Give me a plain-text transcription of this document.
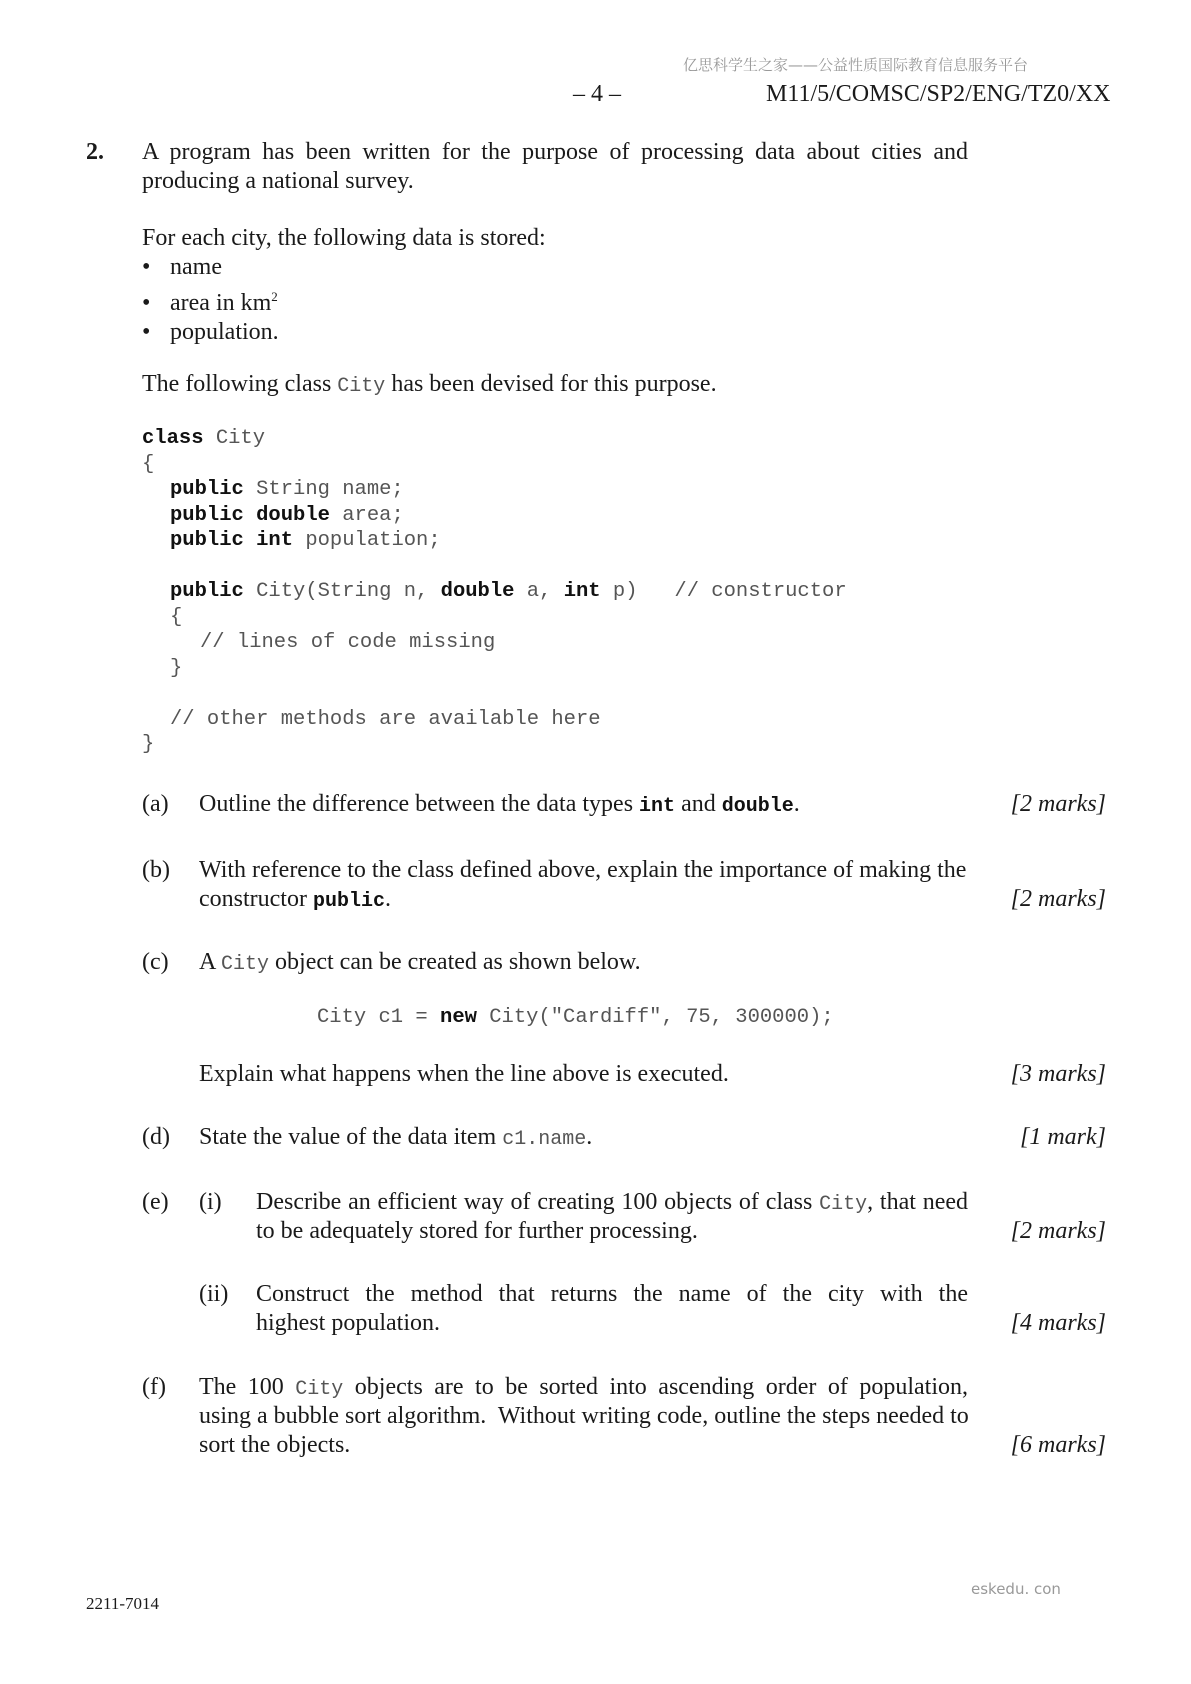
亿思科学生之家——公益性质国际教育信息服务平台
– 4 –	M11/5/COMSC/SP2/ENG/TZ0/XX
2. A program has been written for the purpose of processing data about cities and producing a national survey.
For each city, the following data is stored:
• name
• area in $km^2$
• population.
The following class City has been devised for this purpose.
class City
{
public String name;
public double area;
public int population;
public City(String n, double a, int p)   // constructor
{
// lines of code missing
}
// other methods are available here
}
(a) Outline the difference between the data types int and double.	[2 marks]
(b) With reference to the class defined above, explain the importance of making the
constructor public.	[2 marks]
(c) A City object can be created as shown below.
City c1 = new City("Cardiff", 75, 300000);
Explain what happens when the line above is executed.	[3 marks]
(d) State the value of the data item c1.name.	[1 mark]
(e) (i) Describe an efficient way of creating 100 objects of class City, that need
to be adequately stored for further processing.	[2 marks]
(ii) Construct the method that returns the name of the city with the
highest population.	[4 marks]
(f) The 100 City objects are to be sorted into ascending order of population,
using a bubble sort algorithm.  Without writing code, outline the steps needed to
sort the objects.	[6 marks]
eskedu. con
2211-7014
